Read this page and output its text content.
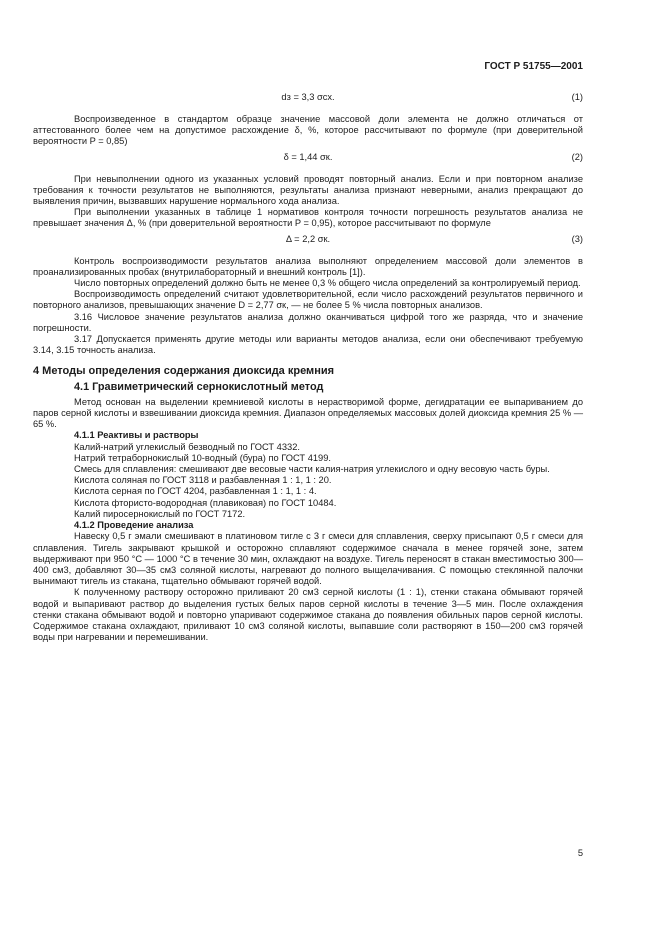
ГОСТ Р 51755—2001
dз = 3,3 σсх.	(1)

Воспроизведенное в стандартом образце значение массовой доли элемента не должно отличаться от аттестованного более чем на допустимое расхождение δ, %, которое рассчитывают по формуле (при доверительной вероятности P = 0,85)

δ = 1,44 σк.	(2)

При невыполнении одного из указанных условий проводят повторный анализ. Если и при повторном анализе требования к точности результатов не выполняются, результаты анализа признают неверными, анализ прекращают до выявления причин, вызвавших нарушение нормального хода анализа.

При выполнении указанных в таблице 1 нормативов контроля точности погрешность результатов анализа не превышает значения Δ, % (при доверительной вероятности P = 0,95), которое рассчитывают по формуле

Δ = 2,2 σк.	(3)

Контроль воспроизводимости результатов анализа выполняют определением массовой доли элементов в проанализированных пробах (внутрилабораторный и внешний контроль [1]).

Число повторных определений должно быть не менее 0,3 % общего числа определений за контролируемый период.

Воспроизводимость определений считают удовлетворительной, если число расхождений результатов первичного и повторного анализов, превышающих значение D = 2,77 σк, — не более 5 % числа повторных анализов.

3.16 Числовое значение результатов анализа должно оканчиваться цифрой того же разряда, что и значение погрешности.

3.17 Допускается применять другие методы или варианты методов анализа, если они обеспечивают требуемую 3.14, 3.15 точность анализа.

4 Методы определения содержания диоксида кремния
4.1 Гравиметрический сернокислотный метод

Метод основан на выделении кремниевой кислоты в нерастворимой форме, дегидратации ее выпариванием до паров серной кислоты и взвешивании диоксида кремния. Диапазон определяемых массовых долей диоксида кремния 25 % — 65 %.

4.1.1 Реактивы и растворы

Калий-натрий углекислый безводный по ГОСТ 4332.

Натрий тетраборнокислый 10-водный (бура) по ГОСТ 4199.

Смесь для сплавления: смешивают две весовые части калия-натрия углекислого и одну весовую часть буры.

Кислота соляная по ГОСТ 3118 и разбавленная 1 : 1, 1 : 20.

Кислота серная по ГОСТ 4204, разбавленная 1 : 1, 1 : 4.

Кислота фтористо-водородная (плавиковая) по ГОСТ 10484.

Калий пиросернокислый по ГОСТ 7172.

4.1.2 Проведение анализа

Навеску 0,5 г эмали смешивают в платиновом тигле с 3 г смеси для сплавления, сверху присыпают 0,5 г смеси для сплавления. Тигель закрывают крышкой и осторожно сплавляют содержимое сначала в менее горячей зоне, затем выдерживают при 950 °С — 1000 °С в течение 30 мин, охлаждают на воздухе. Тигель переносят в стакан вместимостью 300—400 см3, добавляют 30—35 см3 соляной кислоты, нагревают до полного выщелачивания. С помощью стеклянной палочки вынимают тигель из стакана, тщательно обмывают горячей водой.

К полученному раствору осторожно приливают 20 см3 серной кислоты (1 : 1), стенки стакана обмывают горячей водой и выпаривают раствор до выделения густых белых паров серной кислоты в течение 3—5 мин. После охлаждения стенки стакана обмывают водой и повторно упаривают содержимое стакана до появления обильных паров серной кислоты. Содержимое стакана охлаждают, приливают 10 см3 соляной кислоты, выпавшие соли растворяют в 150—200 см3 горячей воды при нагревании и перемешивании.

5
